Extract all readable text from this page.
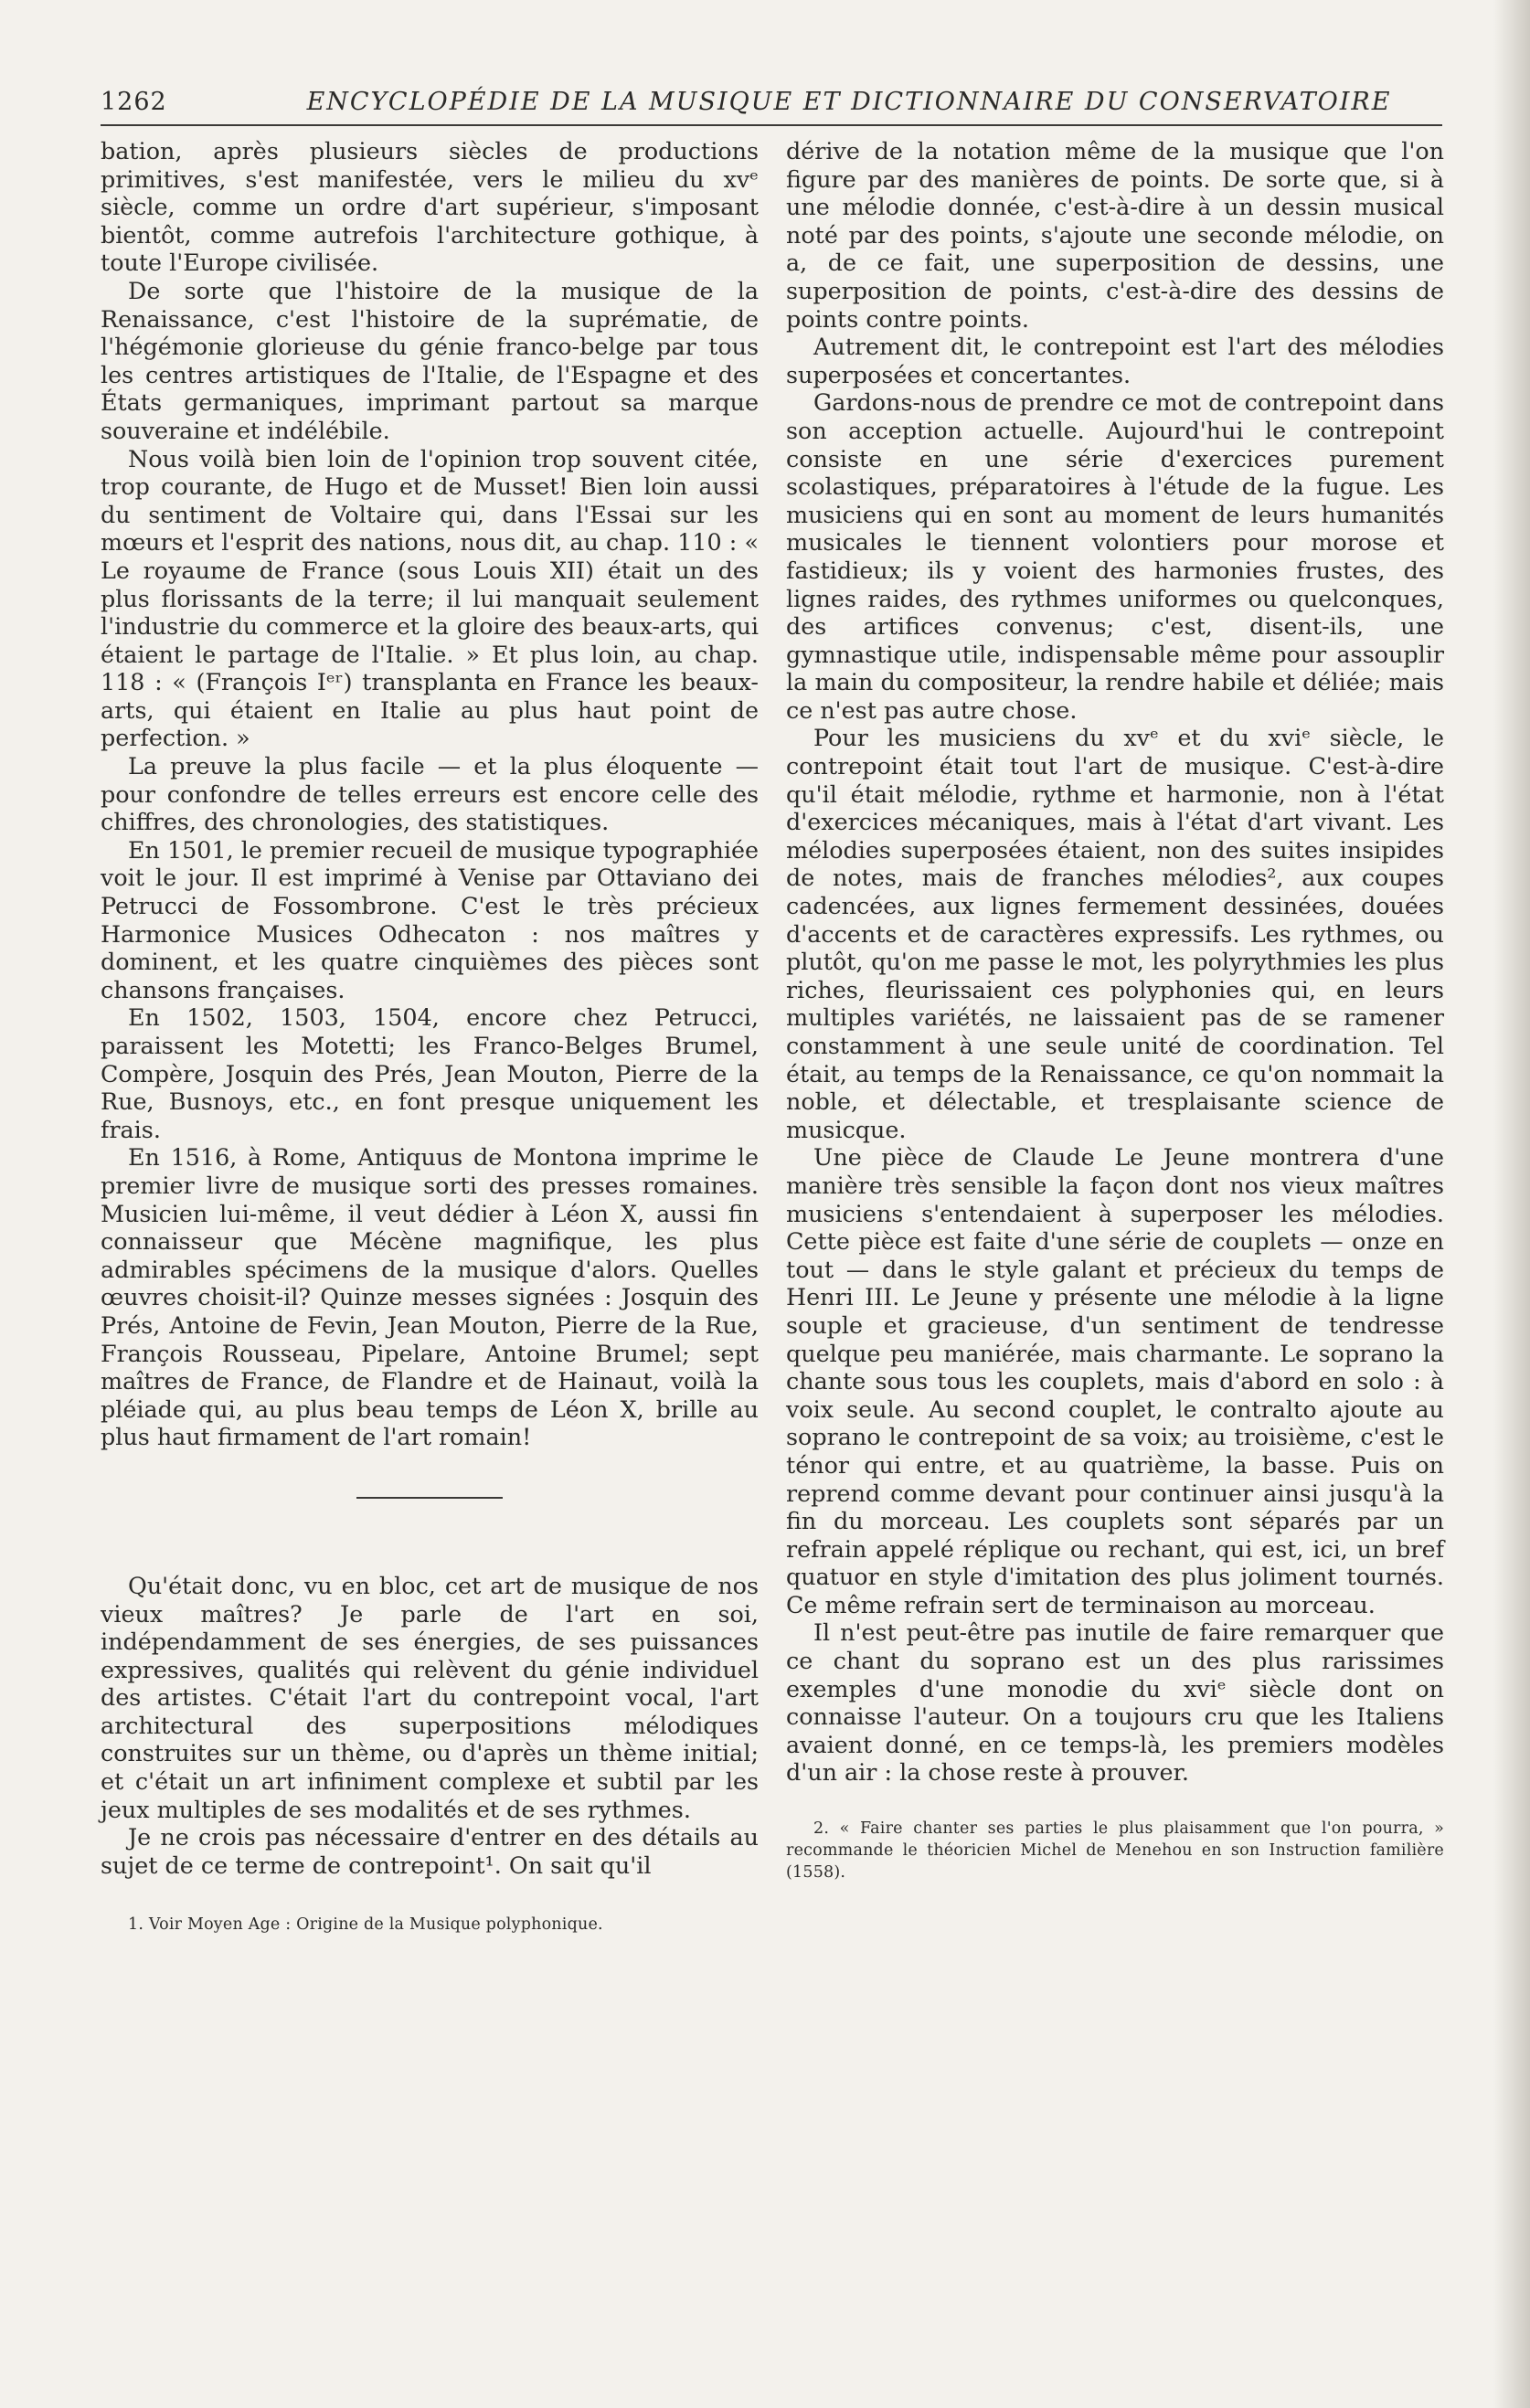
1262	ENCYCLOPÉDIE DE LA MUSIQUE ET DICTIONNAIRE DU CONSERVATOIRE

bation, après plusieurs siècles de productions primitives, s'est manifestée, vers le milieu du xvᵉ siècle, comme un ordre d'art supérieur, s'imposant bientôt, comme autrefois l'architecture gothique, à toute l'Europe civilisée.

De sorte que l'histoire de la musique de la Renaissance, c'est l'histoire de la suprématie, de l'hégémonie glorieuse du génie franco-belge par tous les centres artistiques de l'Italie, de l'Espagne et des États germaniques, imprimant partout sa marque souveraine et indélébile.

Nous voilà bien loin de l'opinion trop souvent citée, trop courante, de Hugo et de Musset! Bien loin aussi du sentiment de Voltaire qui, dans l'Essai sur les mœurs et l'esprit des nations, nous dit, au chap. 110 : « Le royaume de France (sous Louis XII) était un des plus florissants de la terre; il lui manquait seulement l'industrie du commerce et la gloire des beaux-arts, qui étaient le partage de l'Italie. » Et plus loin, au chap. 118 : « (François Iᵉʳ) transplanta en France les beaux-arts, qui étaient en Italie au plus haut point de perfection. »

La preuve la plus facile — et la plus éloquente — pour confondre de telles erreurs est encore celle des chiffres, des chronologies, des statistiques.

En 1501, le premier recueil de musique typographiée voit le jour. Il est imprimé à Venise par Ottaviano dei Petrucci de Fossombrone. C'est le très précieux Harmonice Musices Odhecaton : nos maîtres y dominent, et les quatre cinquièmes des pièces sont chansons françaises.

En 1502, 1503, 1504, encore chez Petrucci, paraissent les Motetti; les Franco-Belges Brumel, Compère, Josquin des Prés, Jean Mouton, Pierre de la Rue, Busnoys, etc., en font presque uniquement les frais.

En 1516, à Rome, Antiquus de Montona imprime le premier livre de musique sorti des presses romaines. Musicien lui-même, il veut dédier à Léon X, aussi fin connaisseur que Mécène magnifique, les plus admirables spécimens de la musique d'alors. Quelles œuvres choisit-il? Quinze messes signées : Josquin des Prés, Antoine de Fevin, Jean Mouton, Pierre de la Rue, François Rousseau, Pipelare, Antoine Brumel; sept maîtres de France, de Flandre et de Hainaut, voilà la pléiade qui, au plus beau temps de Léon X, brille au plus haut firmament de l'art romain!

Qu'était donc, vu en bloc, cet art de musique de nos vieux maîtres? Je parle de l'art en soi, indépendamment de ses énergies, de ses puissances expressives, qualités qui relèvent du génie individuel des artistes. C'était l'art du contrepoint vocal, l'art architectural des superpositions mélodiques construites sur un thème, ou d'après un thème initial; et c'était un art infiniment complexe et subtil par les jeux multiples de ses modalités et de ses rythmes.

Je ne crois pas nécessaire d'entrer en des détails au sujet de ce terme de contrepoint¹. On sait qu'il

1. Voir Moyen Age : Origine de la Musique polyphonique.

dérive de la notation même de la musique que l'on figure par des manières de points. De sorte que, si à une mélodie donnée, c'est-à-dire à un dessin musical noté par des points, s'ajoute une seconde mélodie, on a, de ce fait, une superposition de dessins, une superposition de points, c'est-à-dire des dessins de points contre points.

Autrement dit, le contrepoint est l'art des mélodies superposées et concertantes.

Gardons-nous de prendre ce mot de contrepoint dans son acception actuelle. Aujourd'hui le contrepoint consiste en une série d'exercices purement scolastiques, préparatoires à l'étude de la fugue. Les musiciens qui en sont au moment de leurs humanités musicales le tiennent volontiers pour morose et fastidieux; ils y voient des harmonies frustes, des lignes raides, des rythmes uniformes ou quelconques, des artifices convenus; c'est, disent-ils, une gymnastique utile, indispensable même pour assouplir la main du compositeur, la rendre habile et déliée; mais ce n'est pas autre chose.

Pour les musiciens du xvᵉ et du xviᵉ siècle, le contrepoint était tout l'art de musique. C'est-à-dire qu'il était mélodie, rythme et harmonie, non à l'état d'exercices mécaniques, mais à l'état d'art vivant. Les mélodies superposées étaient, non des suites insipides de notes, mais de franches mélodies², aux coupes cadencées, aux lignes fermement dessinées, douées d'accents et de caractères expressifs. Les rythmes, ou plutôt, qu'on me passe le mot, les polyrythmies les plus riches, fleurissaient ces polyphonies qui, en leurs multiples variétés, ne laissaient pas de se ramener constamment à une seule unité de coordination. Tel était, au temps de la Renaissance, ce qu'on nommait la noble, et délectable, et tresplaisante science de musicque.

Une pièce de Claude Le Jeune montrera d'une manière très sensible la façon dont nos vieux maîtres musiciens s'entendaient à superposer les mélodies. Cette pièce est faite d'une série de couplets — onze en tout — dans le style galant et précieux du temps de Henri III. Le Jeune y présente une mélodie à la ligne souple et gracieuse, d'un sentiment de tendresse quelque peu maniérée, mais charmante. Le soprano la chante sous tous les couplets, mais d'abord en solo : à voix seule. Au second couplet, le contralto ajoute au soprano le contrepoint de sa voix; au troisième, c'est le ténor qui entre, et au quatrième, la basse. Puis on reprend comme devant pour continuer ainsi jusqu'à la fin du morceau. Les couplets sont séparés par un refrain appelé réplique ou rechant, qui est, ici, un bref quatuor en style d'imitation des plus joliment tournés. Ce même refrain sert de terminaison au morceau.

Il n'est peut-être pas inutile de faire remarquer que ce chant du soprano est un des plus rarissimes exemples d'une monodie du xviᵉ siècle dont on connaisse l'auteur. On a toujours cru que les Italiens avaient donné, en ce temps-là, les premiers modèles d'un air : la chose reste à prouver.

2. « Faire chanter ses parties le plus plaisamment que l'on pourra, » recommande le théoricien Michel de Menehou en son Instruction familière (1558).
